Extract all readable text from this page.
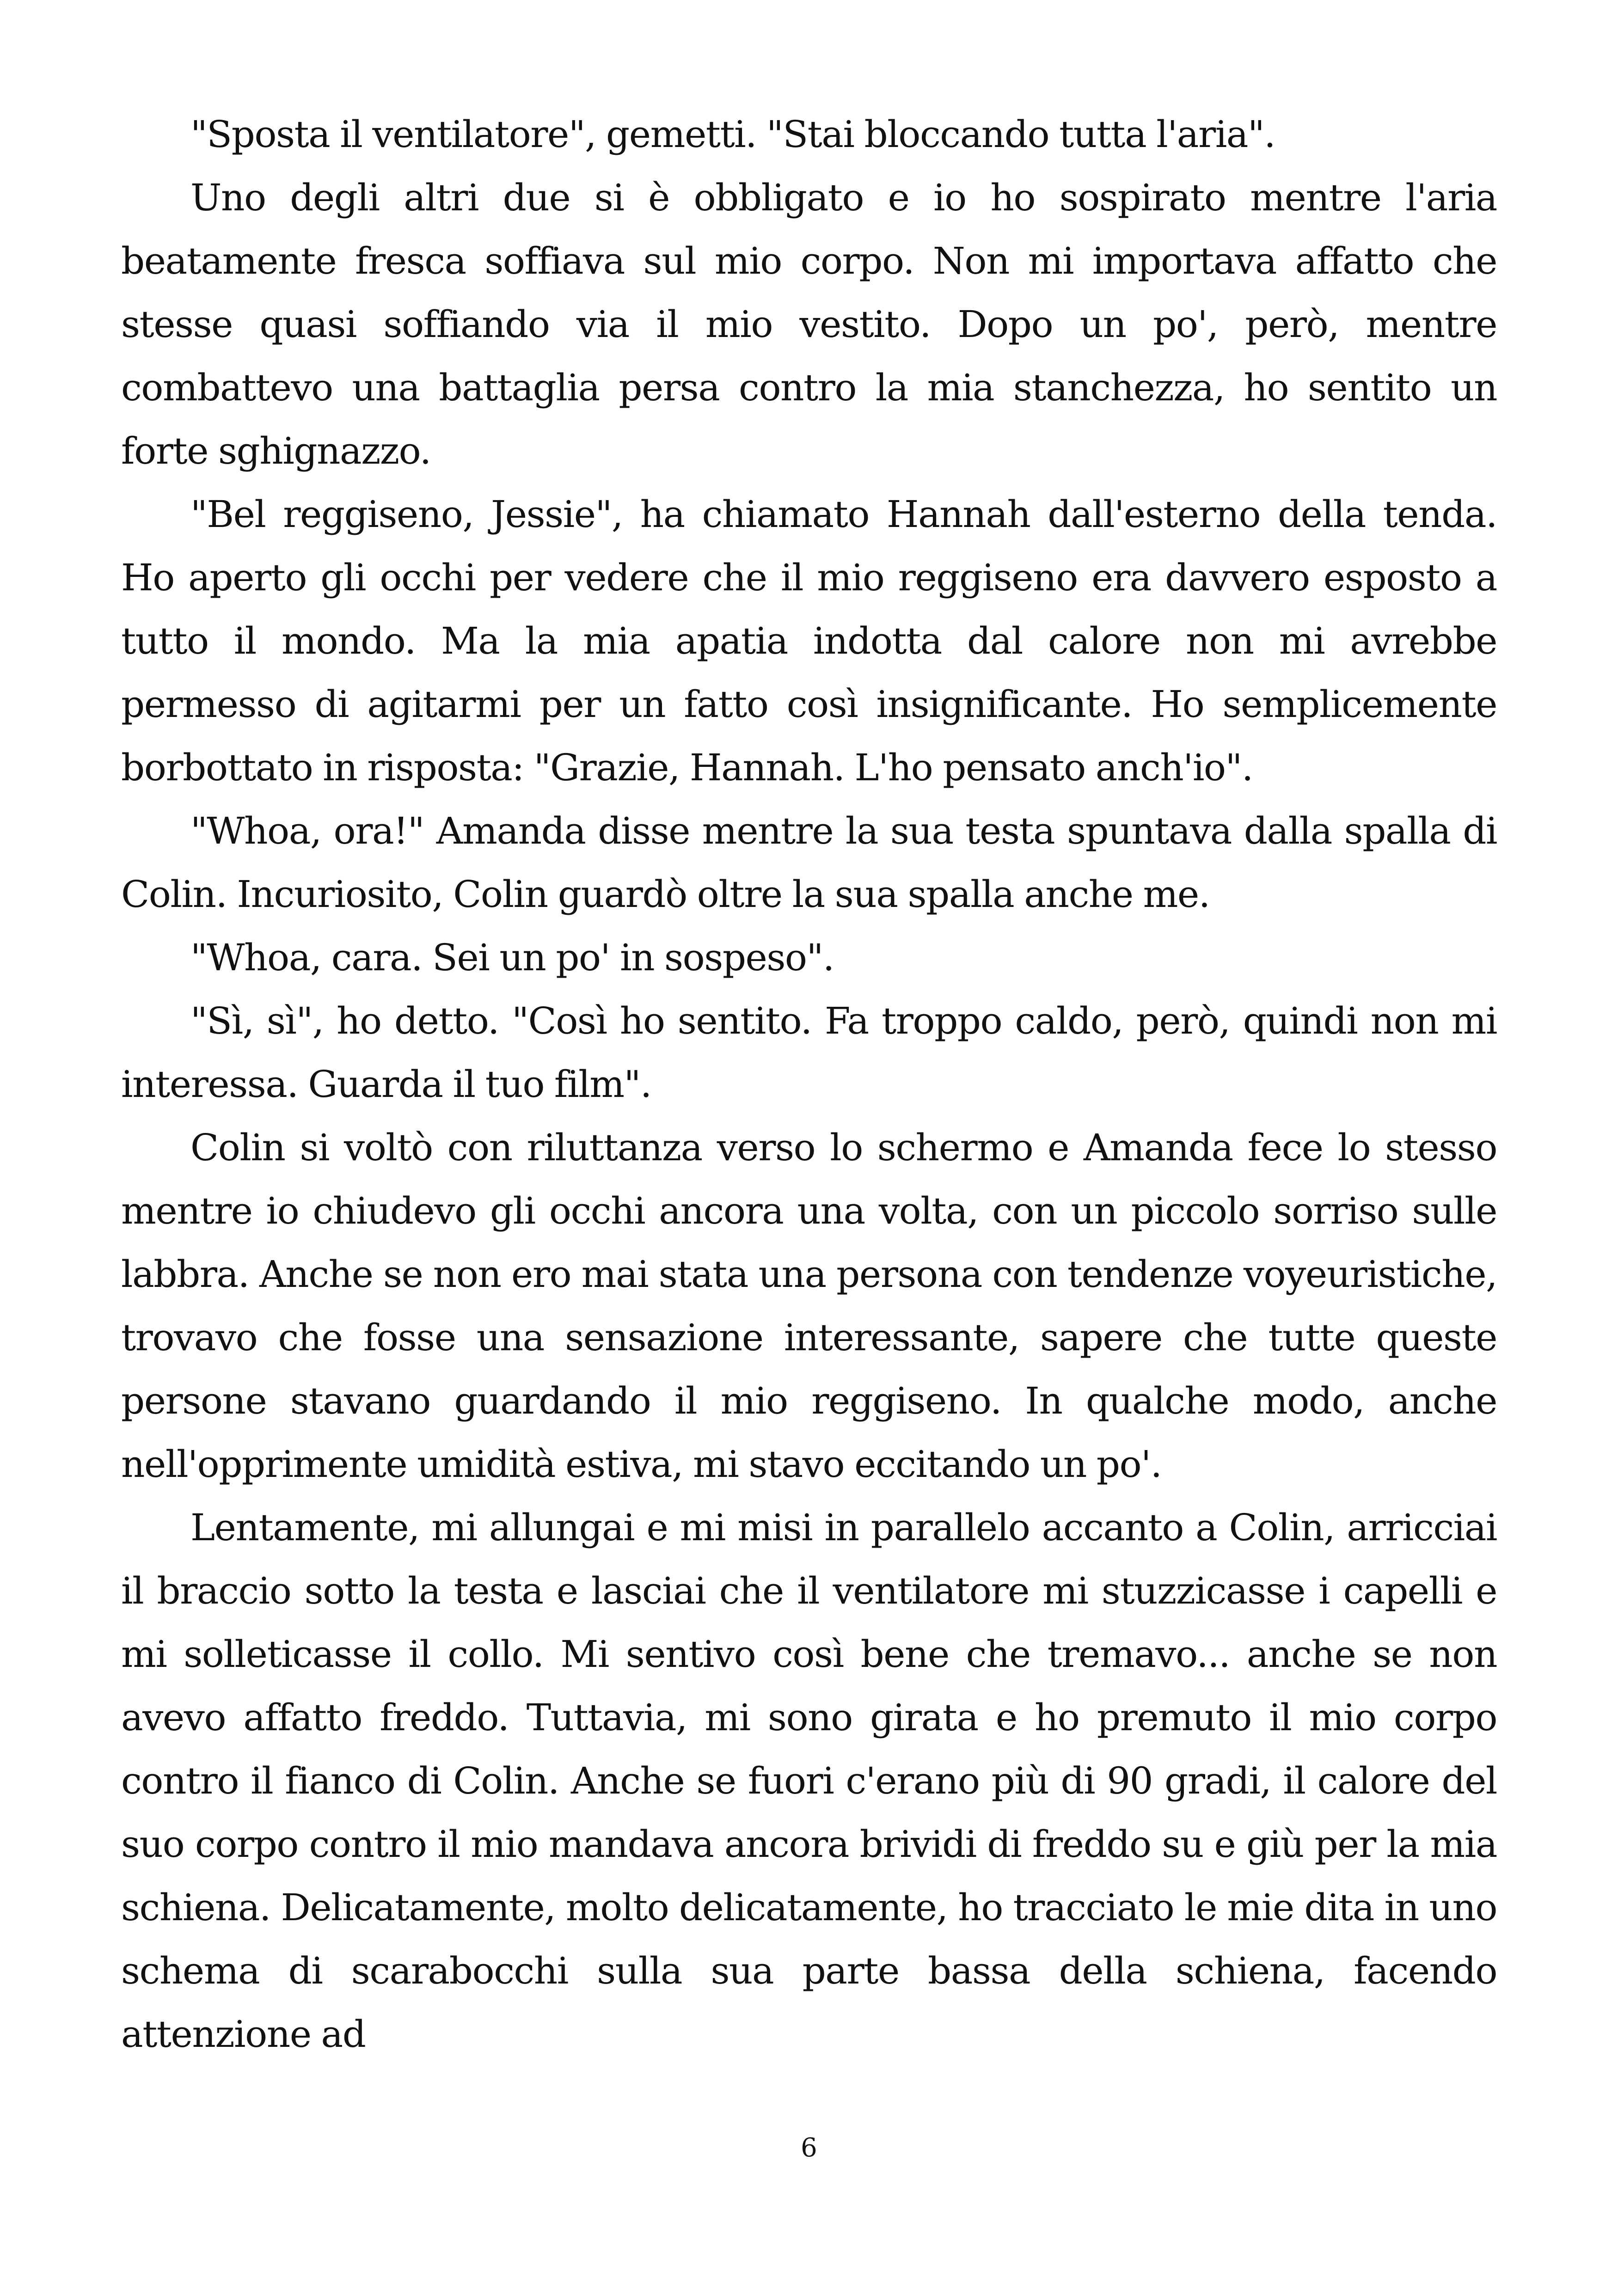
"Sposta il ventilatore", gemetti. "Stai bloccando tutta l'aria".

Uno degli altri due si è obbligato e io ho sospirato mentre l'aria beatamente fresca soffiava sul mio corpo. Non mi importava affatto che stesse quasi soffiando via il mio vestito. Dopo un po', però, mentre combattevo una battaglia persa contro la mia stanchezza, ho sentito un forte sghignazzo.

"Bel reggiseno, Jessie", ha chiamato Hannah dall'esterno della tenda. Ho aperto gli occhi per vedere che il mio reggiseno era davvero esposto a tutto il mondo. Ma la mia apatia indotta dal calore non mi avrebbe permesso di agitarmi per un fatto così insignificante. Ho semplicemente borbottato in risposta: "Grazie, Hannah. L'ho pensato anch'io".

"Whoa, ora!" Amanda disse mentre la sua testa spuntava dalla spalla di Colin. Incuriosito, Colin guardò oltre la sua spalla anche me.

"Whoa, cara. Sei un po' in sospeso".

"Sì, sì", ho detto. "Così ho sentito. Fa troppo caldo, però, quindi non mi interessa. Guarda il tuo film".

Colin si voltò con riluttanza verso lo schermo e Amanda fece lo stesso mentre io chiudevo gli occhi ancora una volta, con un piccolo sorriso sulle labbra. Anche se non ero mai stata una persona con tendenze voyeuristiche, trovavo che fosse una sensazione interessante, sapere che tutte queste persone stavano guardando il mio reggiseno. In qualche modo, anche nell'opprimente umidità estiva, mi stavo eccitando un po'.

Lentamente, mi allungai e mi misi in parallelo accanto a Colin, arricciai il braccio sotto la testa e lasciai che il ventilatore mi stuzzicasse i capelli e mi solleticasse il collo. Mi sentivo così bene che tremavo... anche se non avevo affatto freddo. Tuttavia, mi sono girata e ho premuto il mio corpo contro il fianco di Colin. Anche se fuori c'erano più di 90 gradi, il calore del suo corpo contro il mio mandava ancora brividi di freddo su e giù per la mia schiena. Delicatamente, molto delicatamente, ho tracciato le mie dita in uno schema di scarabocchi sulla sua parte bassa della schiena, facendo attenzione ad

6
